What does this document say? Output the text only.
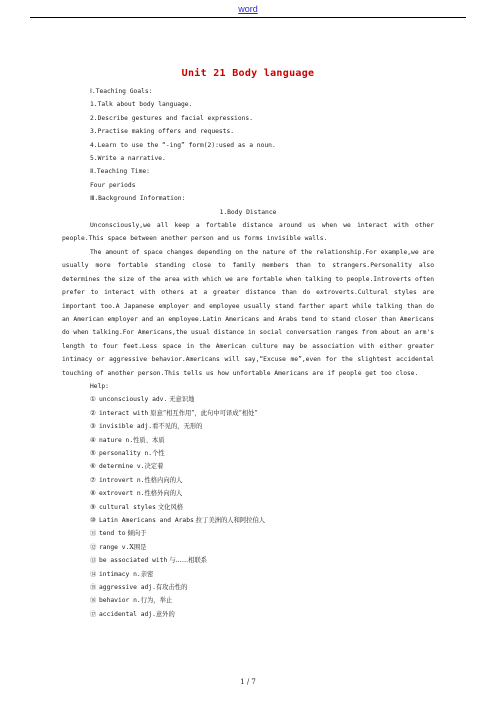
word
Unit 21 Body language
Ⅰ.Teaching Goals:
1.Talk about body language.
2.Describe gestures and facial expressions.
3.Practise making offers and requests.
4.Learn to use the “-ing” form(2):used as a noun.
5.Write a narrative.
Ⅱ.Teaching Time:
Four periods
Ⅲ.Background Information:
1.Body Distance
Unconsciously,we all keep a fortable distance around us when we interact with other people.This space between another person and us forms invisible walls.
The amount of space changes depending on the nature of the relationship.For example,we are usually more fortable standing close to family members than to strangers.Personality also determines the size of the area with which we are fortable when talking to people.Introverts often prefer to interact with others at a greater distance than do extroverts.Cultural styles are important too.A Japanese employer and employee usually stand farther apart while talking than do an American employer and an employee.Latin Americans and Arabs tend to stand closer than Americans do when talking.For Americans,the usual distance in social conversation ranges from about an arm's length to four feet.Less space in the American culture may be association with either greater intimacy or aggressive behavior.Americans will say,“Excuse me”,even for the slightest accidental touching of another person.This tells us how unfortable Americans are if people get too close.
Help:
① unconsciously adv. 无意识地
② interact with 原意“相互作用”，此句中可译成“相处”
③ invisible adj.看不见的，无形的
④ nature n.性质、本质
⑤ personality n.个性
⑥ determine v.决定着
⑦ introvert n.性格内向的人
⑧ extrovert n.性格外向的人
⑨ cultural styles 文化风格
⑩ Latin Americans and Arabs 拉丁美洲的人和阿拉伯人
⑪ tend to 倾向于
⑫ range v.X围是
⑬ be associated with 与……相联系
⑭ intimacy n.亲密
⑮ aggressive adj.有攻击性的
⑯ behavior n.行为，举止
⑰ accidental adj.意外的
1 / 7
